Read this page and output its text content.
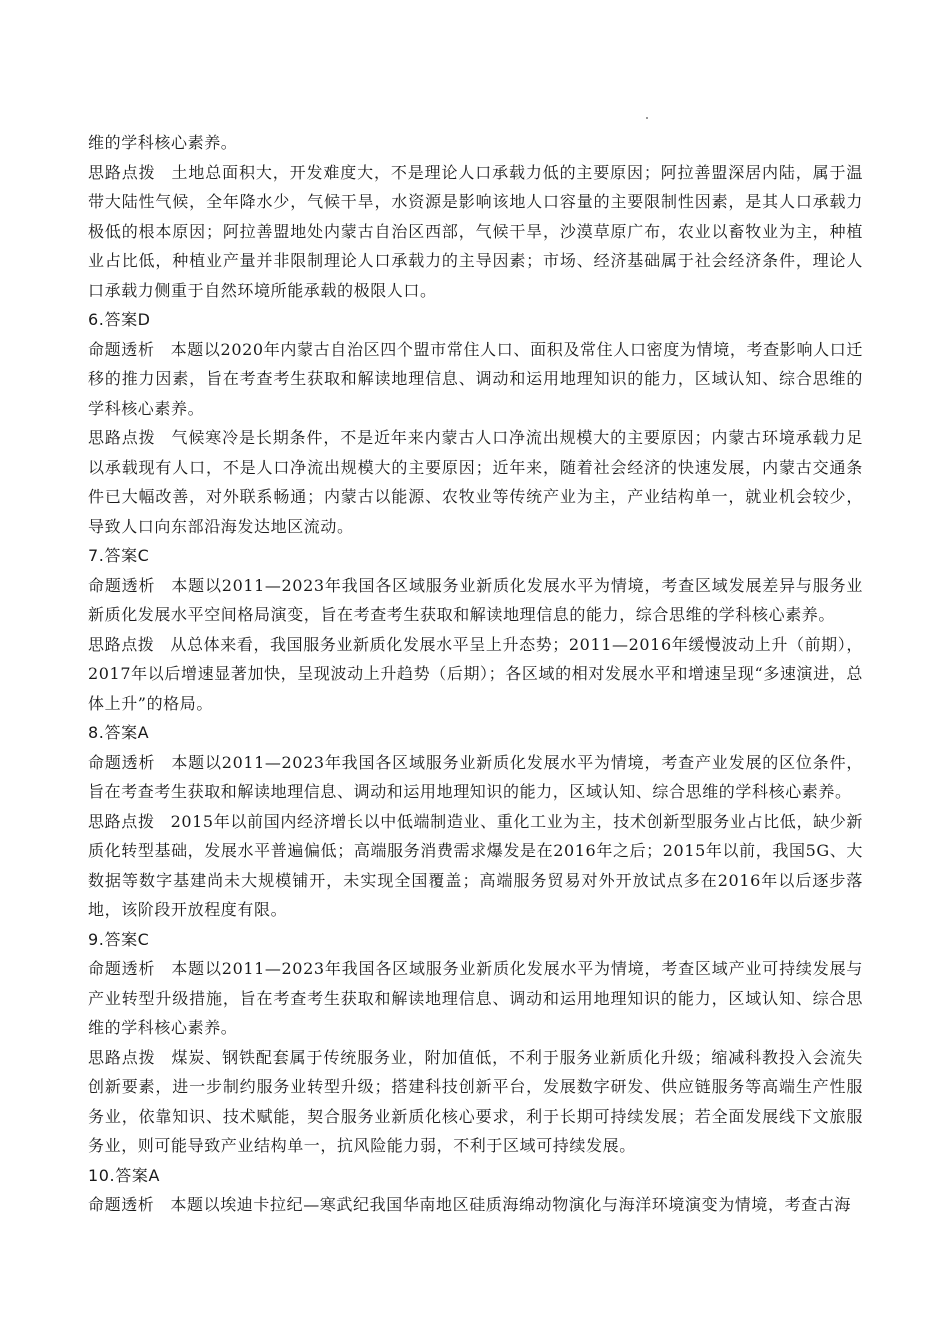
维的学科核心素养。

思路点拨 土地总面积大，开发难度大，不是理论人口承载力低的主要原因；阿拉善盟深居内陆，属于温带大陆性气候，全年降水少，气候干旱，水资源是影响该地人口容量的主要限制性因素，是其人口承载力极低的根本原因；阿拉善盟地处内蒙古自治区西部，气候干旱，沙漠草原广布，农业以畜牧业为主，种植业占比低，种植业产量并非限制理论人口承载力的主导因素；市场、经济基础属于社会经济条件，理论人口承载力侧重于自然环境所能承载的极限人口。

6.答案D

命题透析 本题以2020年内蒙古自治区四个盟市常住人口、面积及常住人口密度为情境，考查影响人口迁移的推力因素，旨在考查考生获取和解读地理信息、调动和运用地理知识的能力，区域认知、综合思维的学科核心素养。

思路点拨 气候寒冷是长期条件，不是近年来内蒙古人口净流出规模大的主要原因；内蒙古环境承载力足以承载现有人口，不是人口净流出规模大的主要原因；近年来，随着社会经济的快速发展，内蒙古交通条件已大幅改善，对外联系畅通；内蒙古以能源、农牧业等传统产业为主，产业结构单一，就业机会较少，导致人口向东部沿海发达地区流动。

7.答案C

命题透析 本题以2011—2023年我国各区域服务业新质化发展水平为情境，考查区域发展差异与服务业新质化发展水平空间格局演变，旨在考查考生获取和解读地理信息的能力，综合思维的学科核心素养。

思路点拨 从总体来看，我国服务业新质化发展水平呈上升态势；2011—2016年缓慢波动上升（前期），2017年以后增速显著加快，呈现波动上升趋势（后期）；各区域的相对发展水平和增速呈现“多速演进，总体上升”的格局。

8.答案A

命题透析 本题以2011—2023年我国各区域服务业新质化发展水平为情境，考查产业发展的区位条件，旨在考查考生获取和解读地理信息、调动和运用地理知识的能力，区域认知、综合思维的学科核心素养。

思路点拨 2015年以前国内经济增长以中低端制造业、重化工业为主，技术创新型服务业占比低，缺少新质化转型基础，发展水平普遍偏低；高端服务消费需求爆发是在2016年之后；2015年以前，我国5G、大数据等数字基建尚未大规模铺开，未实现全国覆盖；高端服务贸易对外开放试点多在2016年以后逐步落地，该阶段开放程度有限。

9.答案C

命题透析 本题以2011—2023年我国各区域服务业新质化发展水平为情境，考查区域产业可持续发展与产业转型升级措施，旨在考查考生获取和解读地理信息、调动和运用地理知识的能力，区域认知、综合思维的学科核心素养。

思路点拨 煤炭、钢铁配套属于传统服务业，附加值低，不利于服务业新质化升级；缩减科教投入会流失创新要素，进一步制约服务业转型升级；搭建科技创新平台，发展数字研发、供应链服务等高端生产性服务业，依靠知识、技术赋能，契合服务业新质化核心要求，利于长期可持续发展；若全面发展线下文旅服务业，则可能导致产业结构单一，抗风险能力弱，不利于区域可持续发展。

10.答案A

命题透析 本题以埃迪卡拉纪—寒武纪我国华南地区硅质海绵动物演化与海洋环境演变为情境，考查古海
